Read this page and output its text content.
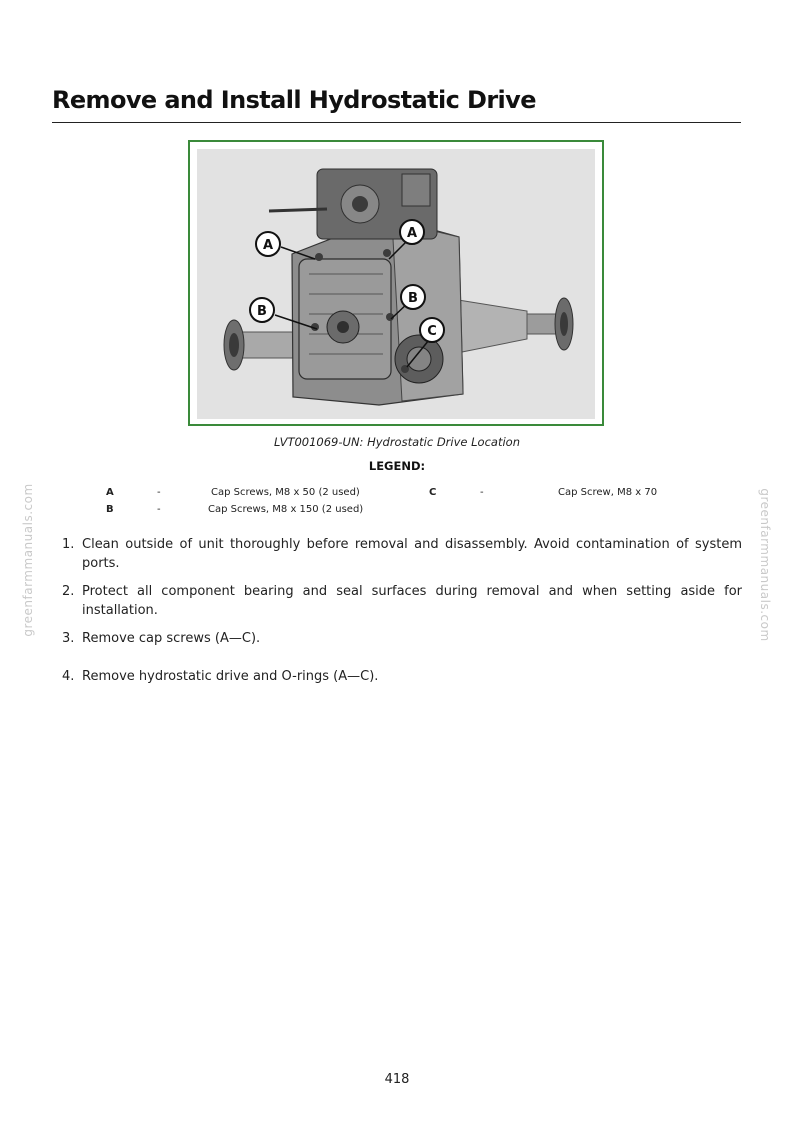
Remove and Install Hydrostatic Drive
A
A
B
B
C
LVT001069-UN: Hydrostatic Drive Location
LEGEND:
A	-	Cap Screws, M8 x 50 (2 used)
B	-	Cap Screws, M8 x 150 (2 used)
C	-	Cap Screw, M8 x 70
1. Clean outside of unit thoroughly before removal and disassembly. Avoid contamination of system ports.
2. Protect all component bearing and seal surfaces during removal and when setting aside for installation.
3. Remove cap screws (A—C).
4. Remove hydrostatic drive and O-rings (A—C).
418
greenfarmmanuals.com	greenfarmmanuals.com
